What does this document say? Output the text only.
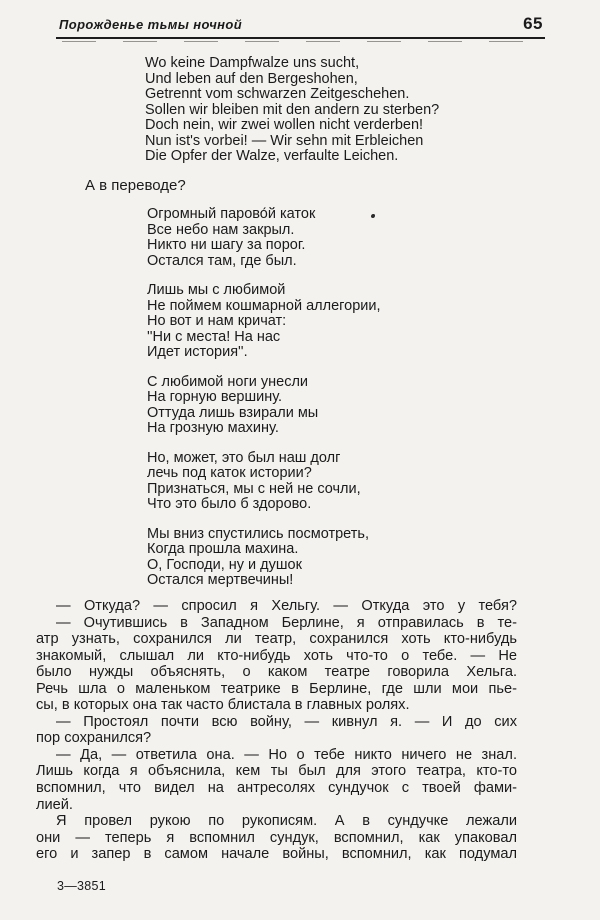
Порожденье тьмы ночной	65
Wo keine Dampfwalze uns sucht,
Und leben auf den Bergeshohen,
Getrennt vom schwarzen Zeitgeschehen.
Sollen wir bleiben mit den andern zu sterben?
Doch nein, wir zwei wollen nicht verderben!
Nun ist's vorbei! — Wir sehn mit Erbleichen
Die Opfer der Walze, verfaulte Leichen.
А в переводе?
Огромный парово́й каток
Все небо нам закрыл.
Никто ни шагу за порог.
Остался там, где был.
Лишь мы с любимой
Не поймем кошмарной аллегории,
Но вот и нам кричат:
''Ни с места! На нас
Идет история''.
С любимой ноги унесли
На горную вершину.
Оттуда лишь взирали мы
На грозную махину.
Но, может, это был наш долг
лечь под каток истории?
Признаться, мы с ней не сочли,
Что это было б здорово.
Мы вниз спустились посмотреть,
Когда прошла махина.
О, Господи, ну и душок
Остался мертвечины!
— Откуда? — спросил я Хельгу. — Откуда это у тебя?
— Очутившись в Западном Берлине, я отправилась в те-
атр узнать, сохранился ли театр, сохранился хоть кто-нибудь
знакомый, слышал ли кто-нибудь хоть что-то о тебе. — Не
было нужды объяснять, о каком театре говорила Хельга.
Речь шла о маленьком театрике в Берлине, где шли мои пье-
сы, в которых она так часто блистала в главных ролях.
— Простоял почти всю войну, — кивнул я. — И до сих
пор сохранился?
— Да, — ответила она. — Но о тебе никто ничего не знал.
Лишь когда я объяснила, кем ты был для этого театра, кто-то
вспомнил, что видел на антресолях сундучок с твоей фами-
лией.
Я провел рукою по рукописям. А в сундучке лежали
они — теперь я вспомнил сундук, вспомнил, как упаковал
его и запер в самом начале войны, вспомнил, как подумал
3—3851
